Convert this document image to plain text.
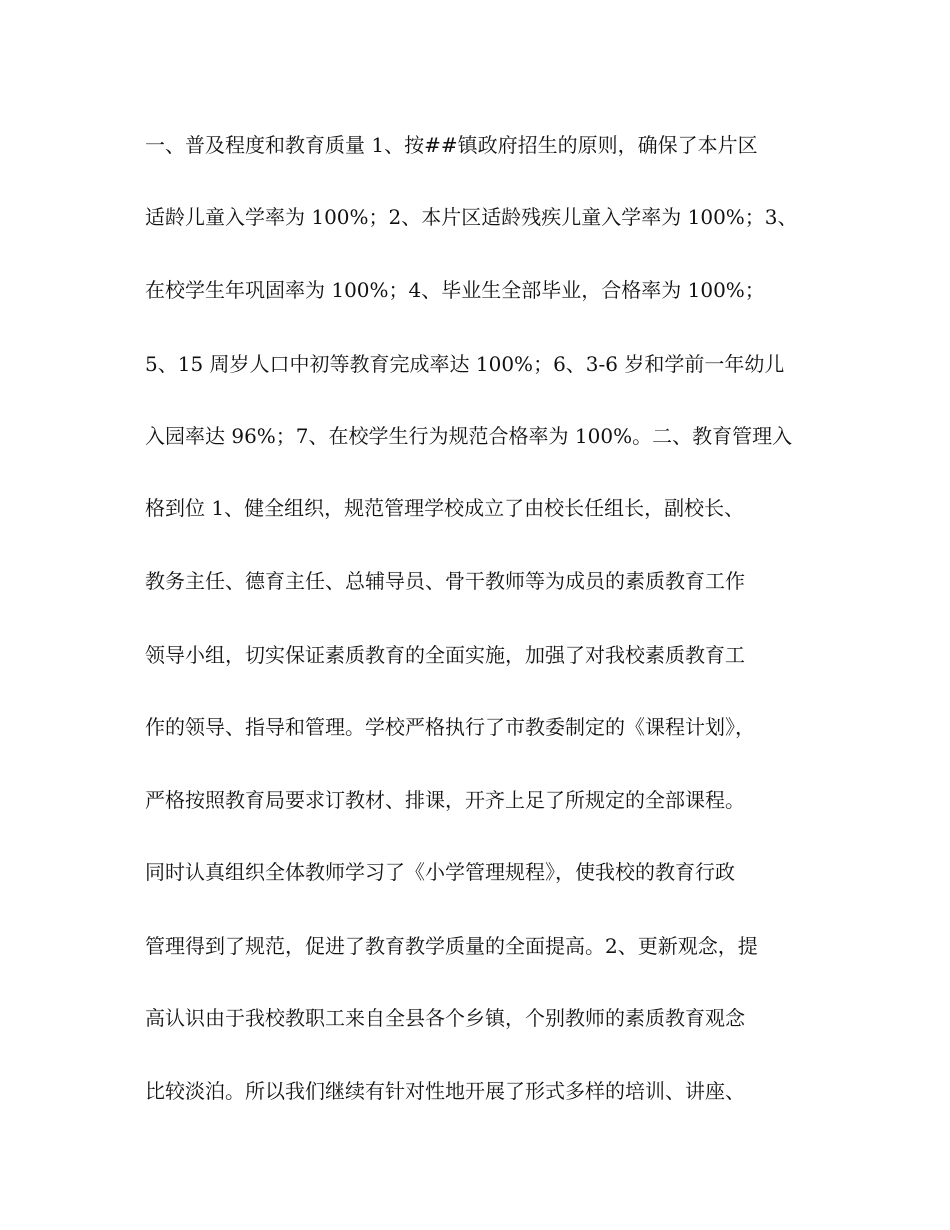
一、普及程度和教育质量 1、按##镇政府招生的原则，确保了本片区
适龄儿童入学率为 100%；2、本片区适龄残疾儿童入学率为 100%；3、
在校学生年巩固率为 100%；4、毕业生全部毕业，合格率为 100%；
5、15 周岁人口中初等教育完成率达 100%；6、3-6 岁和学前一年幼儿
入园率达 96%；7、在校学生行为规范合格率为 100%。二、教育管理入
格到位 1、健全组织，规范管理学校成立了由校长任组长，副校长、
教务主任、德育主任、总辅导员、骨干教师等为成员的素质教育工作
领导小组，切实保证素质教育的全面实施，加强了对我校素质教育工
作的领导、指导和管理。学校严格执行了市教委制定的《课程计划》，
严格按照教育局要求订教材、排课，开齐上足了所规定的全部课程。
同时认真组织全体教师学习了《小学管理规程》，使我校的教育行政
管理得到了规范，促进了教育教学质量的全面提高。2、更新观念，提
高认识由于我校教职工来自全县各个乡镇，个别教师的素质教育观念
比较淡泊。所以我们继续有针对性地开展了形式多样的培训、讲座、
